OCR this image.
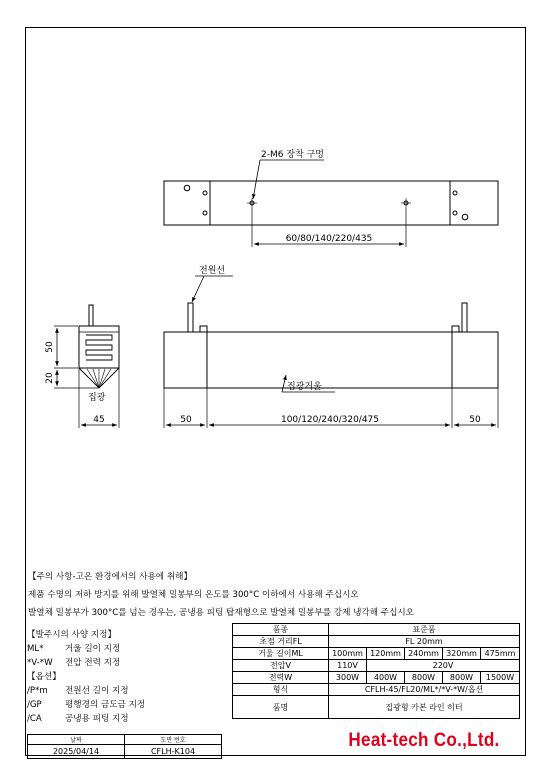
2-M6 장착 구멍
60/80/140/220/435
전원선
집광거울
집광
50
20
45	50	100/120/240/320/475	50
【주의 사항-고온 환경에서의 사용에 취해】
제품 수명의 저하 방지를 위해 발열체 밀봉부의 온도를 300°C 이하에서 사용해 주십시오
발열체 밀봉부가 300°C를 넘는 경우는, 공냉용 피팅 탑재형으로 발열체 밀봉부를 강제 냉각해 주십시오
【발주시의 사양 지정】
ML*	거울 길이 지정
*V-*W 전압 전력 지정
【옵션】
/P*m 전원선 길이 지정
/GP	평행경의 금도금 지정
/CA	공냉용 피팅 지정
품종	표준품				
초점 거리FL	FL 20mm				
거울 길이ML	100mm	120mm	240mm	320mm	475mm
전압V	110V	220V			
전력W	300W	400W	800W	800W	1500W
형식	CFLH-45/FL20/ML*/*V-*W/옵션				
품명	집광형 카본 라인 히터				
날짜	도면 번호
2025/04/14	CFLH-K104
Heat-tech Co.,Ltd.
